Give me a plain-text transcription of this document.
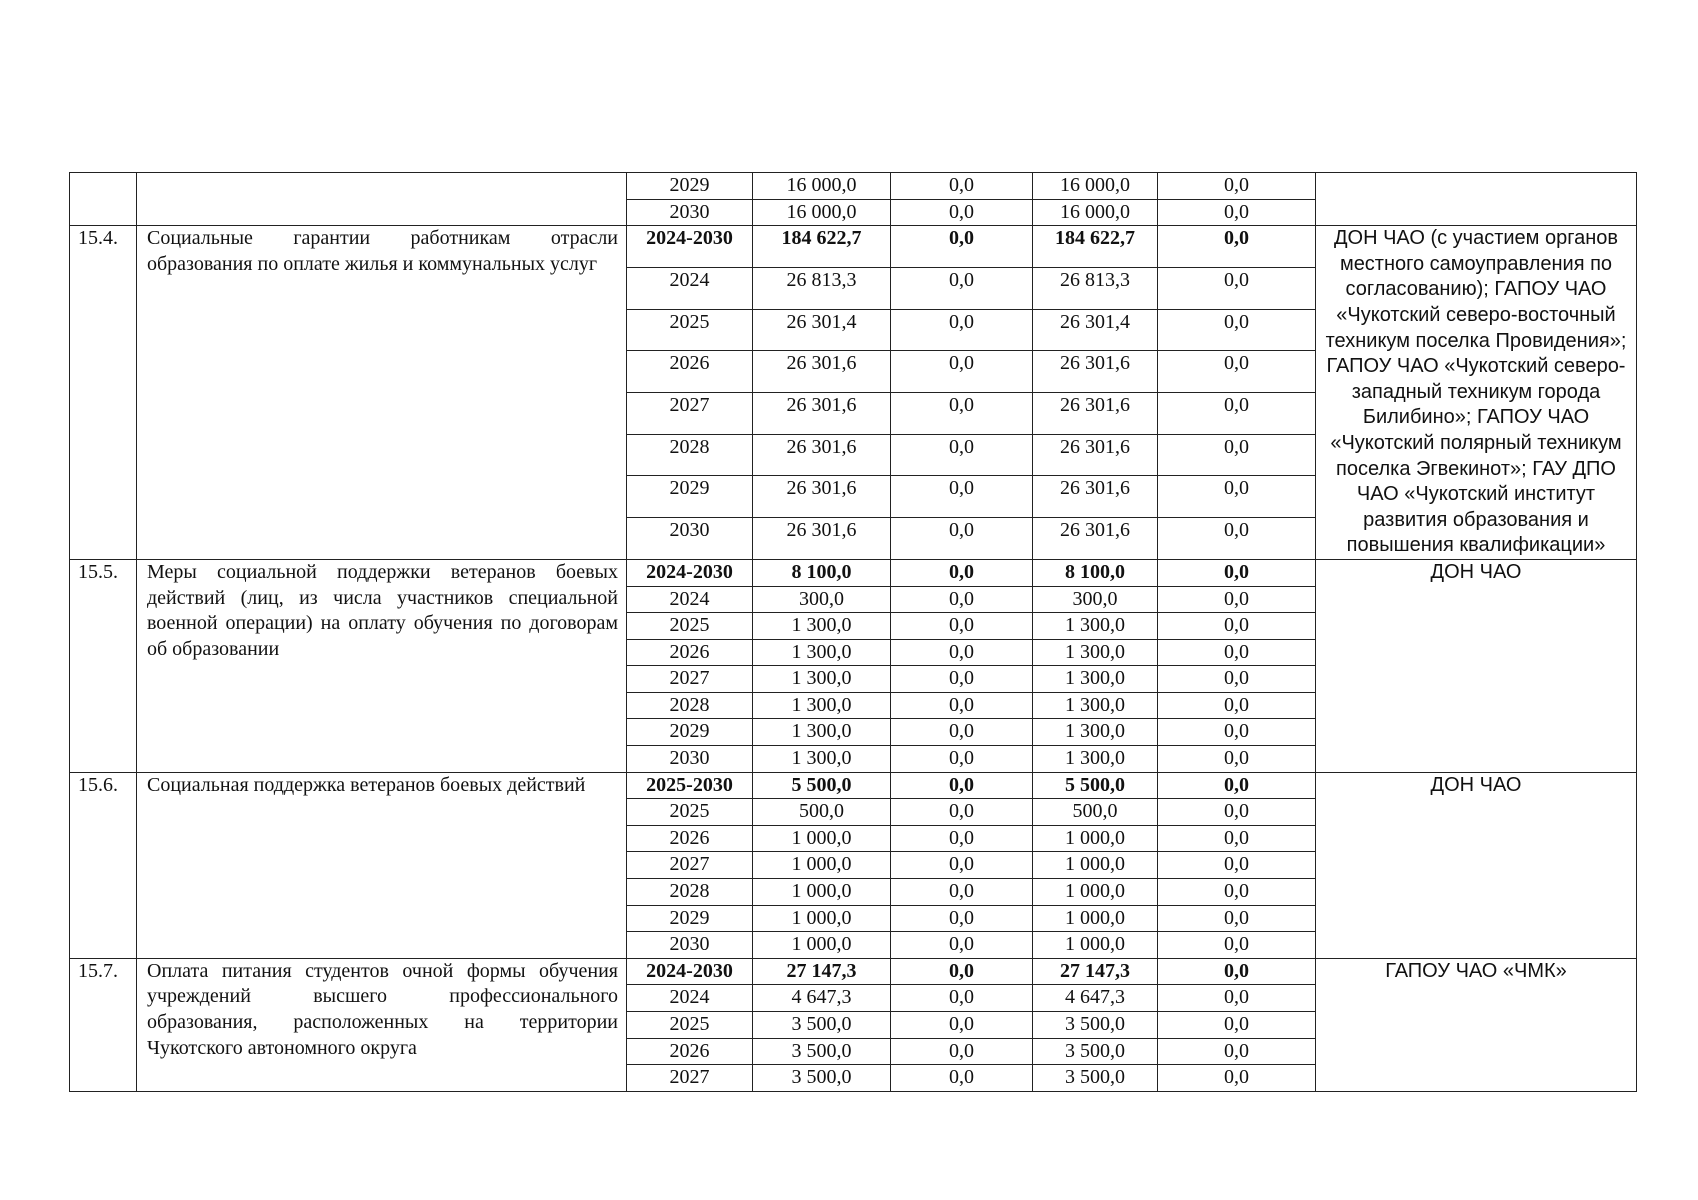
		2029	16 000,0	0,0	16 000,0	0,0	
		2030	16 000,0	0,0	16 000,0	0,0	
15.4.	Социальные гарантии работникам отрасли образования по оплате жилья и коммунальных услуг	2024-2030	184 622,7	0,0	184 622,7	0,0	ДОН ЧАО (с участием органов местного самоуправления по согласованию); ГАПОУ ЧАО «Чукотский северо-восточный техникум поселка Провидения»; ГАПОУ ЧАО «Чукотский северо-западный техникум города Билибино»; ГАПОУ ЧАО «Чукотский полярный техникум поселка Эгвекинот»; ГАУ ДПО ЧАО «Чукотский институт развития образования и повышения квалификации»
		2024	26 813,3	0,0	26 813,3	0,0	
		2025	26 301,4	0,0	26 301,4	0,0	
		2026	26 301,6	0,0	26 301,6	0,0	
		2027	26 301,6	0,0	26 301,6	0,0	
		2028	26 301,6	0,0	26 301,6	0,0	
		2029	26 301,6	0,0	26 301,6	0,0	
		2030	26 301,6	0,0	26 301,6	0,0	
15.5.	Меры социальной поддержки ветеранов боевых действий (лиц, из числа участников специальной военной операции) на оплату обучения по договорам об образовании	2024-2030	8 100,0	0,0	8 100,0	0,0	ДОН ЧАО
		2024	300,0	0,0	300,0	0,0	
		2025	1 300,0	0,0	1 300,0	0,0	
		2026	1 300,0	0,0	1 300,0	0,0	
		2027	1 300,0	0,0	1 300,0	0,0	
		2028	1 300,0	0,0	1 300,0	0,0	
		2029	1 300,0	0,0	1 300,0	0,0	
		2030	1 300,0	0,0	1 300,0	0,0	
15.6.	Социальная поддержка ветеранов боевых действий	2025-2030	5 500,0	0,0	5 500,0	0,0	ДОН ЧАО
		2025	500,0	0,0	500,0	0,0	
		2026	1 000,0	0,0	1 000,0	0,0	
		2027	1 000,0	0,0	1 000,0	0,0	
		2028	1 000,0	0,0	1 000,0	0,0	
		2029	1 000,0	0,0	1 000,0	0,0	
		2030	1 000,0	0,0	1 000,0	0,0	
15.7.	Оплата питания студентов очной формы обучения учреждений высшего профессионального образования, расположенных на территории Чукотского автономного округа	2024-2030	27 147,3	0,0	27 147,3	0,0	ГАПОУ ЧАО «ЧМК»
		2024	4 647,3	0,0	4 647,3	0,0	
		2025	3 500,0	0,0	3 500,0	0,0	
		2026	3 500,0	0,0	3 500,0	0,0	
		2027	3 500,0	0,0	3 500,0	0,0	
